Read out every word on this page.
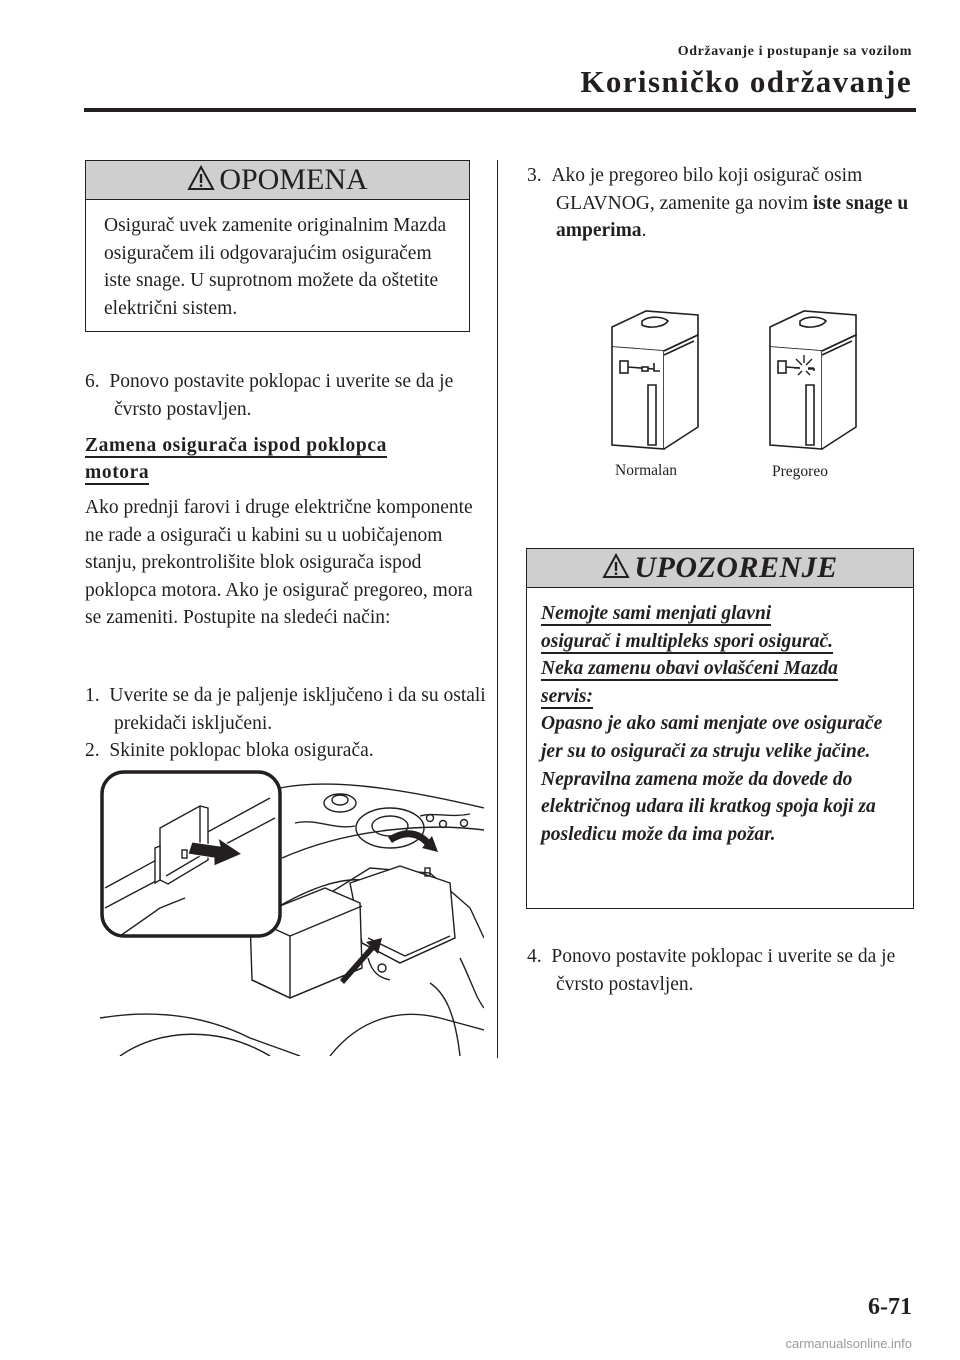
Održavanje i postupanje sa vozilom
Korisničko održavanje
OPOMENA
Osigurač uvek zamenite originalnim Mazda osiguračem ili odgovarajućim osiguračem iste snage. U suprotnom možete da oštetite električni sistem.
6. Ponovo postavite poklopac i uverite se da je čvrsto postavljen.
Zamena osigurača ispod poklopca
motora
Ako prednji farovi i druge električne komponente ne rade a osigurači u kabini su u uobičajenom stanju, prekontrolišite blok osigurača ispod poklopca motora. Ako je osigurač pregoreo, mora se zameniti. Postupite na sledeći način:
1. Uverite se da je paljenje isključeno i da su ostali prekidači isključeni.
2. Skinite poklopac bloka osigurača.
3. Ako je pregoreo bilo koji osigurač osim GLAVNOG, zamenite ga novim iste snage u amperima.
Normalan	Pregoreo
UPOZORENJE
Nemojte sami menjati glavni
osigurač i multipleks spori osigurač.
Neka zamenu obavi ovlašćeni Mazda
servis:
Opasno je ako sami menjate ove osigurače jer su to osigurači za struju velike jačine. Nepravilna zamena može da dovede do električnog udara ili kratkog spoja koji za posledicu može da ima požar.
4. Ponovo postavite poklopac i uverite se da je čvrsto postavljen.
6-71
carmanualsonline.info
